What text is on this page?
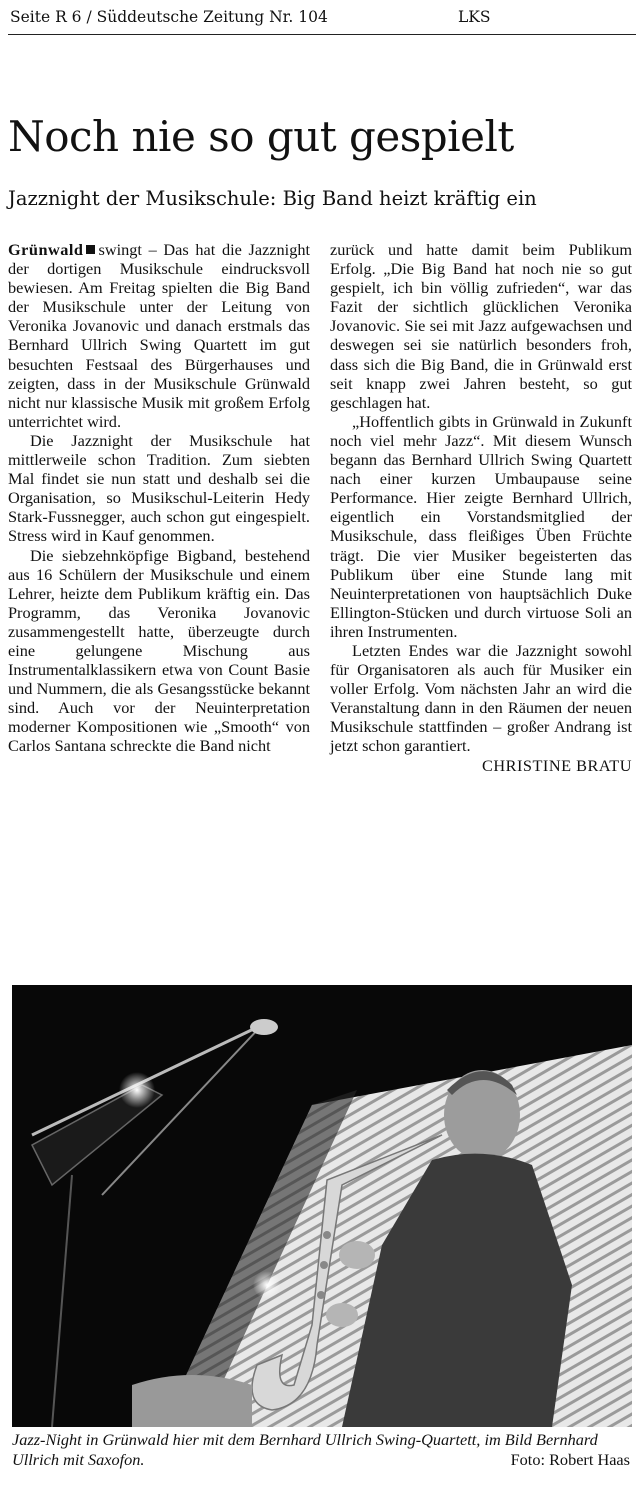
Seite R 6 / Süddeutsche Zeitung Nr. 104	LKS
Noch nie so gut gespielt
Jazznight der Musikschule: Big Band heizt kräftig ein

Grünwald swingt – Das hat die Jazznight der dortigen Musikschule eindrucksvoll bewiesen. Am Freitag spielten die Big Band der Musikschule unter der Leitung von Veronika Jovanovic und danach erstmals das Bernhard Ullrich Swing Quartett im gut besuchten Festsaal des Bürgerhauses und zeigten, dass in der Musikschule Grünwald nicht nur klassische Musik mit großem Erfolg unterrichtet wird.

Die Jazznight der Musikschule hat mittlerweile schon Tradition. Zum siebten Mal findet sie nun statt und deshalb sei die Organisation, so Musikschul-Leiterin Hedy Stark-Fussnegger, auch schon gut eingespielt. Stress wird in Kauf genommen.

Die siebzehnköpfige Bigband, bestehend aus 16 Schülern der Musikschule und einem Lehrer, heizte dem Publikum kräftig ein. Das Programm, das Veronika Jovanovic zusammengestellt hatte, überzeugte durch eine gelungene Mischung aus Instrumentalklassikern etwa von Count Basie und Nummern, die als Gesangsstücke bekannt sind. Auch vor der Neuinterpretation moderner Kompositionen wie „Smooth“ von Carlos Santana schreckte die Band nicht

zurück und hatte damit beim Publikum Erfolg. „Die Big Band hat noch nie so gut gespielt, ich bin völlig zufrieden“, war das Fazit der sichtlich glücklichen Veronika Jovanovic. Sie sei mit Jazz aufgewachsen und deswegen sei sie natürlich besonders froh, dass sich die Big Band, die in Grünwald erst seit knapp zwei Jahren besteht, so gut geschlagen hat.

„Hoffentlich gibts in Grünwald in Zukunft noch viel mehr Jazz“. Mit diesem Wunsch begann das Bernhard Ullrich Swing Quartett nach einer kurzen Umbaupause seine Performance. Hier zeigte Bernhard Ullrich, eigentlich ein Vorstandsmitglied der Musikschule, dass fleißiges Üben Früchte trägt. Die vier Musiker begeisterten das Publikum über eine Stunde lang mit Neuinterpretationen von hauptsächlich Duke Ellington-Stücken und durch virtuose Soli an ihren Instrumenten.

Letzten Endes war die Jazznight sowohl für Organisatoren als auch für Musiker ein voller Erfolg. Vom nächsten Jahr an wird die Veranstaltung dann in den Räumen der neuen Musikschule stattfinden – großer Andrang ist jetzt schon garantiert.

CHRISTINE BRATU

Jazz-Night in Grünwald hier mit dem Bernhard Ullrich Swing-Quartett, im Bild Bernhard Ullrich mit Saxofon.	Foto: Robert Haas
